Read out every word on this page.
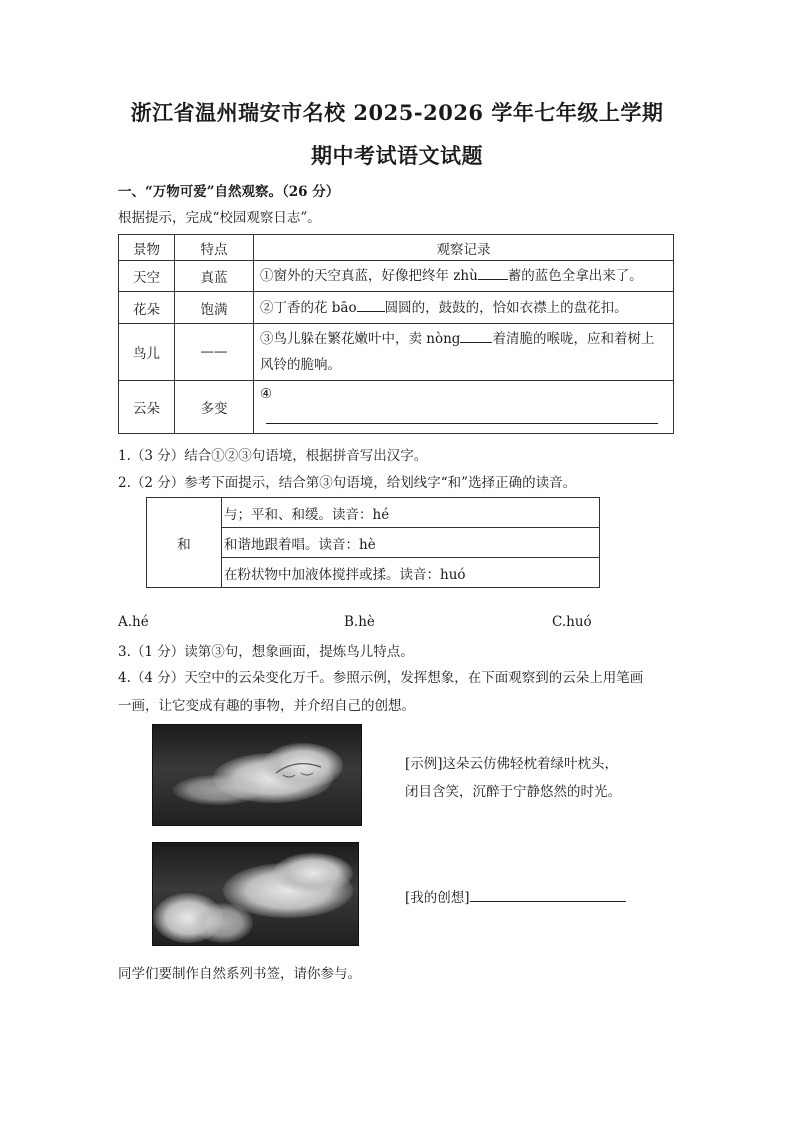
浙江省温州瑞安市名校 2025-2026 学年七年级上学期
期中考试语文试题
一、“万物可爱”自然观察。（26 分）
根据提示，完成“校园观察日志”。
景物	特点	观察记录
天空	真蓝	①窗外的天空真蓝，好像把终年 zhù 蓄的蓝色全拿出来了。
花朵	饱满	②丁香的花 bāo 圆圆的，鼓鼓的，恰如衣襟上的盘花扣。
鸟儿	——	③鸟儿躲在繁花嫩叶中，卖 nòng 着清脆的喉咙，应和着树上
风铃的脆响。
云朵	多变	④
1.（3 分）结合①②③句语境，根据拼音写出汉字。
2.（2 分）参考下面提示，结合第③句语境，给划线字“和”选择正确的读音。
和	与；平和、和缓。读音：hé
和谐地跟着唱。读音：hè
在粉状物中加液体搅拌或揉。读音：huó
A.hé	B.hè	C.huó
3.（1 分）读第③句，想象画面，提炼鸟儿特点。
4.（4 分）天空中的云朵变化万千。参照示例，发挥想象，在下面观察到的云朵上用笔画
一画，让它变成有趣的事物，并介绍自己的创想。
[示例]这朵云仿佛轻枕着绿叶枕头，
闭目含笑，沉醉于宁静悠然的时光。
[我的创想]
同学们要制作自然系列书签，请你参与。
